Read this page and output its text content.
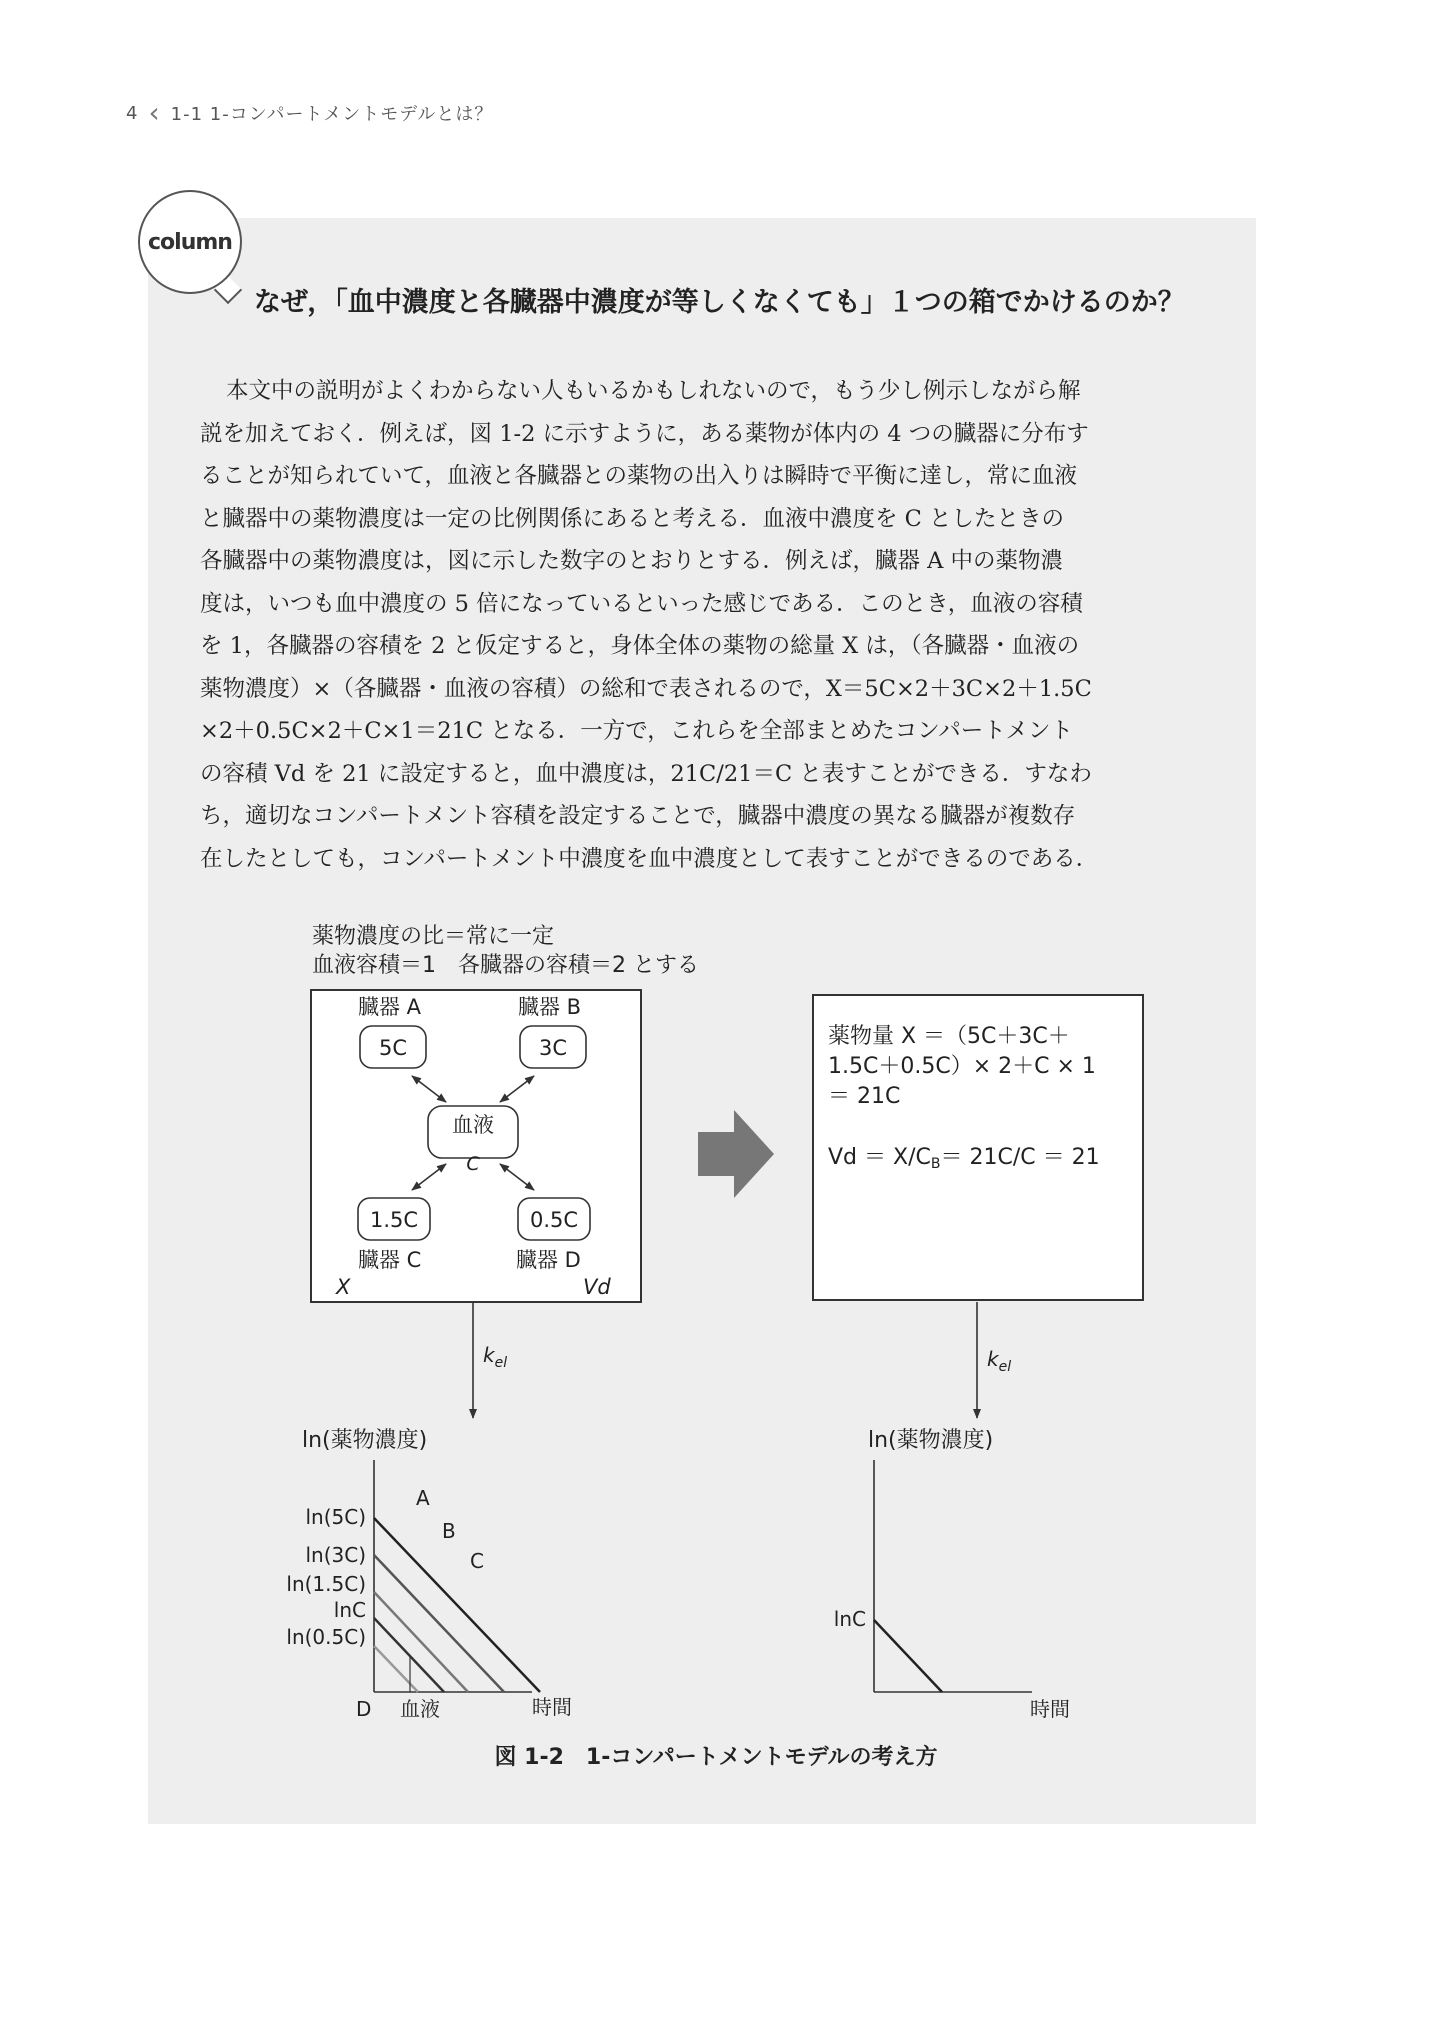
4 ‹ 1-1 1-コンパートメントモデルとは？
column
なぜ，「血中濃度と各臓器中濃度が等しくなくても」１つの箱でかけるのか？
本文中の説明がよくわからない人もいるかもしれないので，もう少し例示しながら解
説を加えておく．例えば，図 1-2 に示すように，ある薬物が体内の 4 つの臓器に分布す
ることが知られていて，血液と各臓器との薬物の出入りは瞬時で平衡に達し，常に血液
と臓器中の薬物濃度は一定の比例関係にあると考える．血液中濃度を C としたときの
各臓器中の薬物濃度は，図に示した数字のとおりとする．例えば，臓器 A 中の薬物濃
度は，いつも血中濃度の 5 倍になっているといった感じである．このとき，血液の容積
を 1，各臓器の容積を 2 と仮定すると，身体全体の薬物の総量 X は，（各臓器・血液の
薬物濃度）×（各臓器・血液の容積）の総和で表されるので，X＝5C×2＋3C×2＋1.5C
×2＋0.5C×2＋C×1＝21C となる．一方で，これらを全部まとめたコンパートメント
の容積 Vd を 21 に設定すると，血中濃度は，21C/21＝C と表すことができる．すなわ
ち，適切なコンパートメント容積を設定することで，臓器中濃度の異なる臓器が複数存
在したとしても，コンパートメント中濃度を血中濃度として表すことができるのである．
薬物濃度の比＝常に一定
血液容積＝1　各臓器の容積＝2 とする
臓器 A	臓器 B
5C	3C
血液
C
1.5C	0.5C
臓器 C	臓器 D
X	Vd
薬物量 X ＝（5C＋3C＋
1.5C＋0.5C）× 2＋C × 1
＝ 21C
Vd ＝ X/CB＝ 21C/C ＝ 21
$k_{el}$	$k_{el}$
ln(薬物濃度)
ln(5C)
ln(3C)
ln(1.5C)
lnC
ln(0.5C)
A
B
C
D 血液	時間
ln(薬物濃度)
lnC
時間
図 1-2　1-コンパートメントモデルの考え方
